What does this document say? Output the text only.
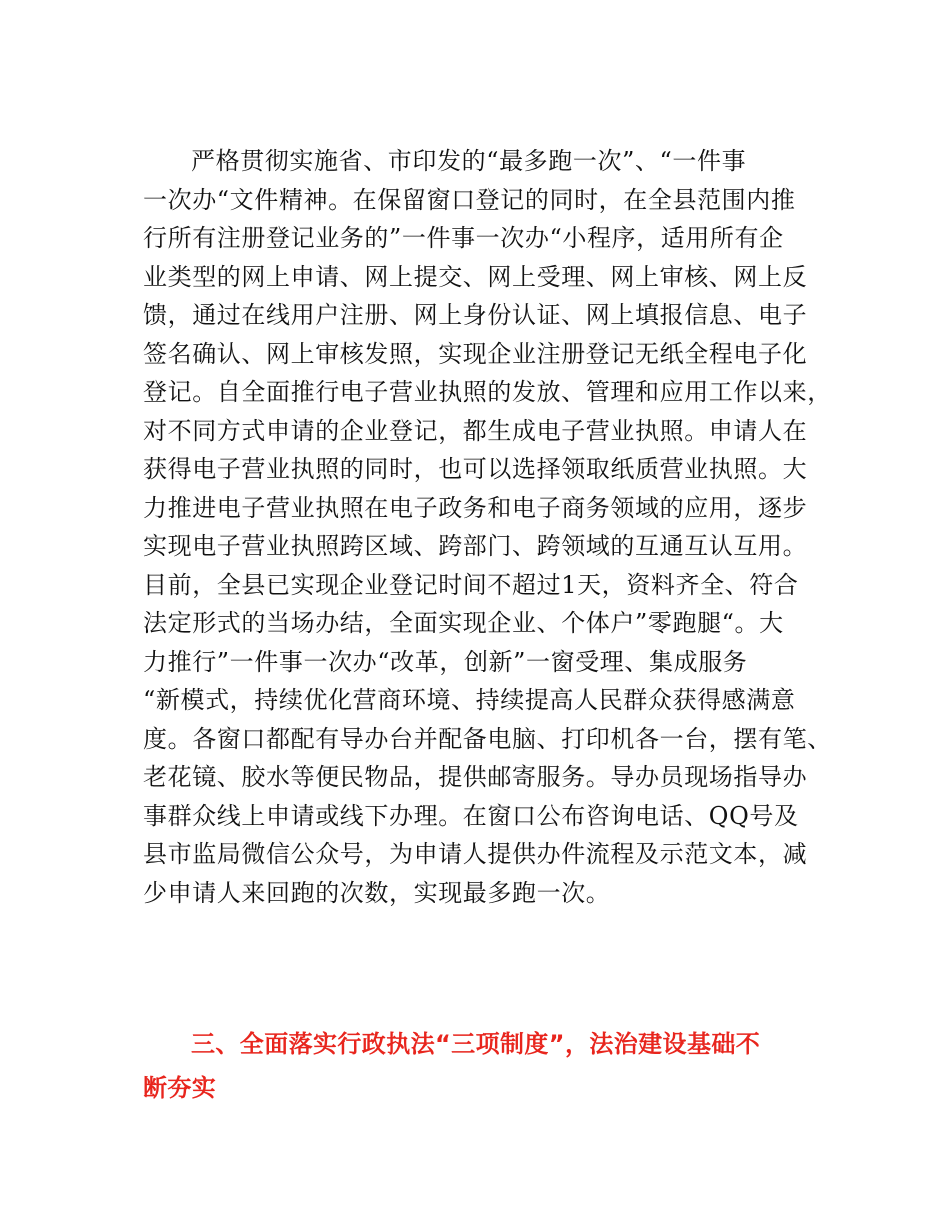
严格贯彻实施省、市印发的“最多跑一次”、“一件事
一次办“文件精神。在保留窗口登记的同时，在全县范围内推
行所有注册登记业务的”一件事一次办“小程序，适用所有企
业类型的网上申请、网上提交、网上受理、网上审核、网上反
馈，通过在线用户注册、网上身份认证、网上填报信息、电子
签名确认、网上审核发照，实现企业注册登记无纸全程电子化
登记。自全面推行电子营业执照的发放、管理和应用工作以来，
对不同方式申请的企业登记，都生成电子营业执照。申请人在
获得电子营业执照的同时，也可以选择领取纸质营业执照。大
力推进电子营业执照在电子政务和电子商务领域的应用，逐步
实现电子营业执照跨区域、跨部门、跨领域的互通互认互用。
目前，全县已实现企业登记时间不超过1天，资料齐全、符合
法定形式的当场办结，全面实现企业、个体户”零跑腿“。大
力推行”一件事一次办“改革，创新”一窗受理、集成服务
“新模式，持续优化营商环境、持续提高人民群众获得感满意
度。各窗口都配有导办台并配备电脑、打印机各一台，摆有笔、
老花镜、胶水等便民物品，提供邮寄服务。导办员现场指导办
事群众线上申请或线下办理。在窗口公布咨询电话、QQ号及
县市监局微信公众号，为申请人提供办件流程及示范文本，减
少申请人来回跑的次数，实现最多跑一次。
三、全面落实行政执法“三项制度”，法治建设基础不
断夯实
